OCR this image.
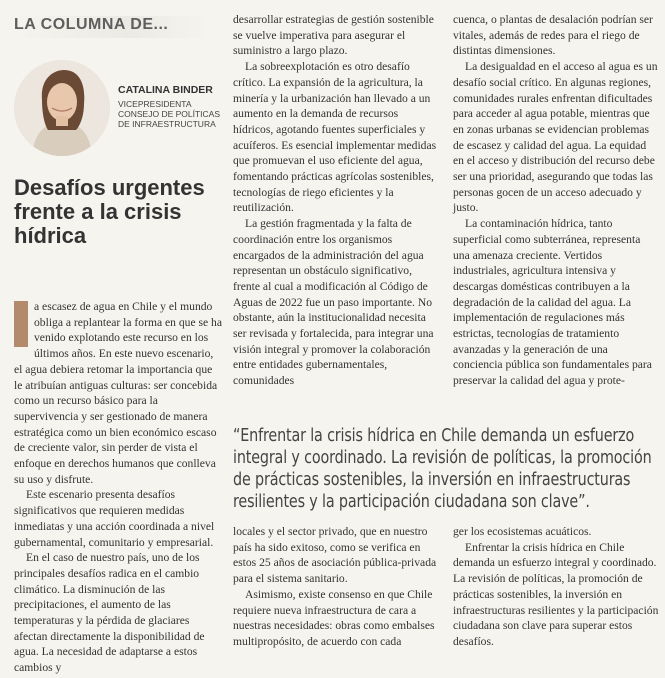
LA COLUMNA DE...
CATALINA BINDER
VICEPRESIDENTA
CONSEJO DE POLÍTICAS
DE INFRAESTRUCTURA
Desafíos urgentes frente a la crisis hídrica

a escasez de agua en Chile y el mundo obliga a replantear la forma en que se ha venido explotando este recurso en los últimos años. En este nuevo escenario, el agua debiera retomar la importancia que le atribuían antiguas culturas: ser concebida como un recurso básico para la supervivencia y ser gestionado de manera estratégica como un bien económico escaso de creciente valor, sin perder de vista el enfoque en derechos humanos que conlleva su uso y disfrute.

Este escenario presenta desafíos significativos que requieren medidas inmediatas y una acción coordinada a nivel gubernamental, comunitario y empresarial.

En el caso de nuestro país, uno de los principales desafíos radica en el cambio climático. La disminución de las precipitaciones, el aumento de las temperaturas y la pérdida de glaciares afectan directamente la disponibilidad de agua. La necesidad de adaptarse a estos cambios y

desarrollar estrategias de gestión sostenible se vuelve imperativa para asegurar el suministro a largo plazo.

La sobreexplotación es otro desafío crítico. La expansión de la agricultura, la minería y la urbanización han llevado a un aumento en la demanda de recursos hídricos, agotando fuentes superficiales y acuíferos. Es esencial implementar medidas que promuevan el uso eficiente del agua, fomentando prácticas agrícolas sostenibles, tecnologías de riego eficientes y la reutilización.

La gestión fragmentada y la falta de coordinación entre los organismos encargados de la administración del agua representan un obstáculo significativo, frente al cual a modificación al Código de Aguas de 2022 fue un paso importante. No obstante, aún la institucionalidad necesita ser revisada y fortalecida, para integrar una visión integral y promover la colaboración entre entidades gubernamentales, comunidades

cuenca, o plantas de desalación podrían ser vitales, además de redes para el riego de distintas dimensiones.

La desigualdad en el acceso al agua es un desafío social crítico. En algunas regiones, comunidades rurales enfrentan dificultades para acceder al agua potable, mientras que en zonas urbanas se evidencian problemas de escasez y calidad del agua. La equidad en el acceso y distribución del recurso debe ser una prioridad, asegurando que todas las personas gocen de un acceso adecuado y justo.

La contaminación hídrica, tanto superficial como subterránea, representa una amenaza creciente. Vertidos industriales, agricultura intensiva y descargas domésticas contribuyen a la degradación de la calidad del agua. La implementación de regulaciones más estrictas, tecnologías de tratamiento avanzadas y la generación de una conciencia pública son fundamentales para preservar la calidad del agua y prote-

“Enfrentar la crisis hídrica en Chile demanda un esfuerzo integral y coordinado. La revisión de políticas, la promoción de prácticas sostenibles, la inversión en infraestructuras resilientes y la participación ciudadana son clave”.

locales y el sector privado, que en nuestro país ha sido exitoso, como se verifica en estos 25 años de asociación pública-privada para el sistema sanitario.

Asimismo, existe consenso en que Chile requiere nueva infraestructura de cara a nuestras necesidades: obras como embalses multipropósito, de acuerdo con cada

ger los ecosistemas acuáticos.

Enfrentar la crisis hídrica en Chile demanda un esfuerzo integral y coordinado. La revisión de políticas, la promoción de prácticas sostenibles, la inversión en infraestructuras resilientes y la participación ciudadana son clave para superar estos desafíos.
